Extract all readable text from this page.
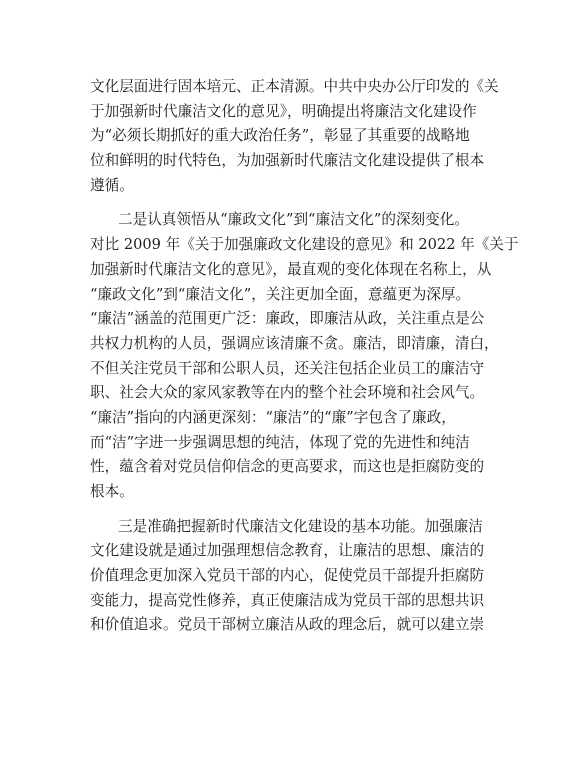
文化层面进行固本培元、正本清源。中共中央办公厅印发的《关
于加强新时代廉洁文化的意见》，明确提出将廉洁文化建设作
为“必须长期抓好的重大政治任务”，彰显了其重要的战略地
位和鲜明的时代特色，为加强新时代廉洁文化建设提供了根本
遵循。
二是认真领悟从“廉政文化”到“廉洁文化”的深刻变化。
对比 2009 年《关于加强廉政文化建设的意见》和 2022 年《关于
加强新时代廉洁文化的意见》，最直观的变化体现在名称上，从
“廉政文化”到“廉洁文化”，关注更加全面，意蕴更为深厚。
“廉洁”涵盖的范围更广泛：廉政，即廉洁从政，关注重点是公
共权力机构的人员，强调应该清廉不贪。廉洁，即清廉，清白，
不但关注党员干部和公职人员，还关注包括企业员工的廉洁守
职、社会大众的家风家教等在内的整个社会环境和社会风气。
“廉洁”指向的内涵更深刻：“廉洁”的“廉”字包含了廉政，
而“洁”字进一步强调思想的纯洁，体现了党的先进性和纯洁
性，蕴含着对党员信仰信念的更高要求，而这也是拒腐防变的
根本。
三是准确把握新时代廉洁文化建设的基本功能。加强廉洁
文化建设就是通过加强理想信念教育，让廉洁的思想、廉洁的
价值理念更加深入党员干部的内心，促使党员干部提升拒腐防
变能力，提高党性修养，真正使廉洁成为党员干部的思想共识
和价值追求。党员干部树立廉洁从政的理念后，就可以建立崇
